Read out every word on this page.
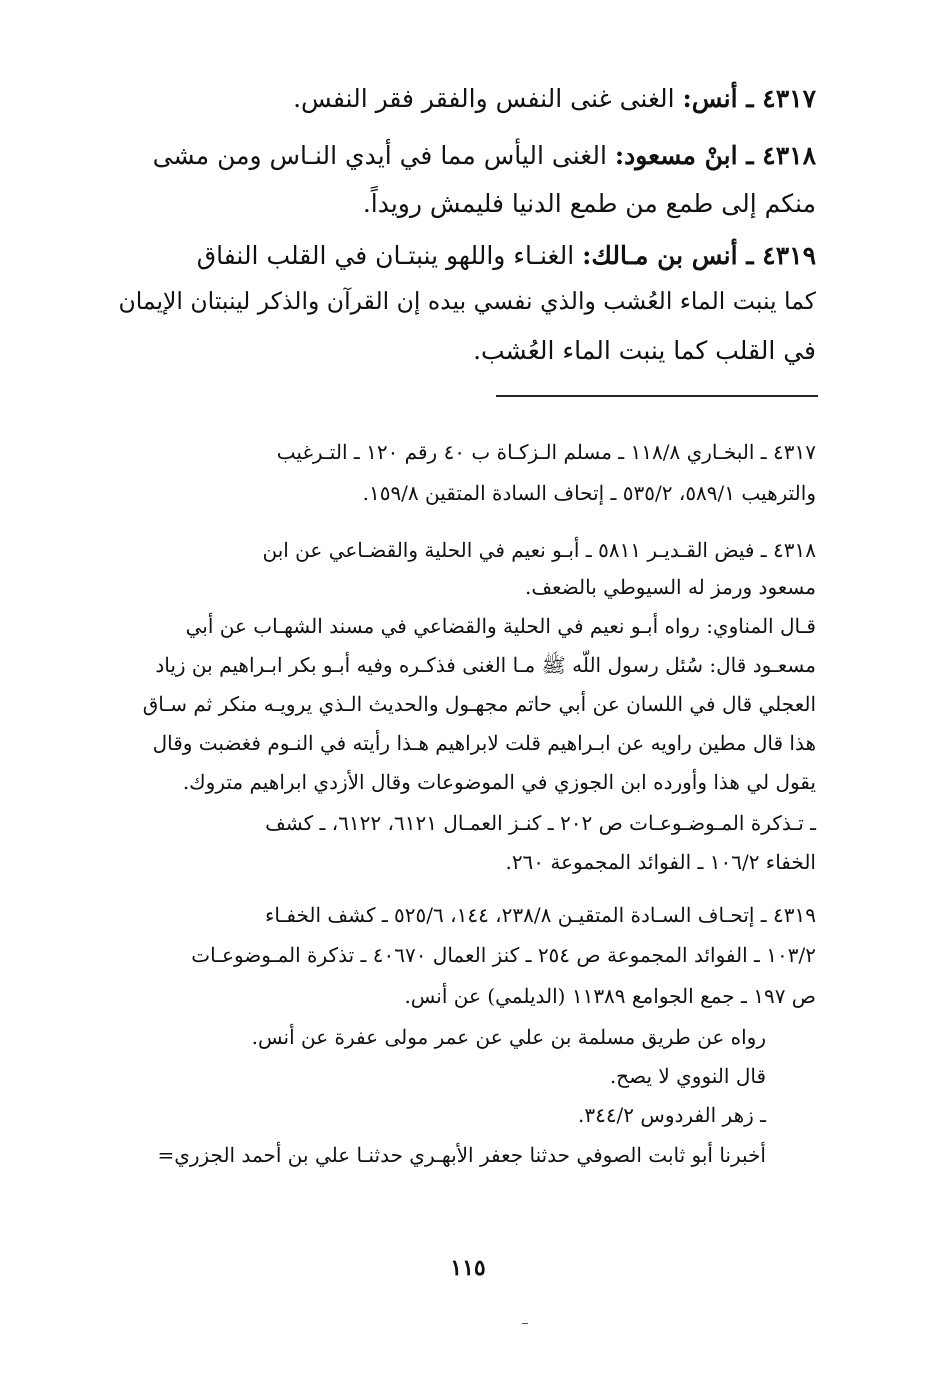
٤٣١٧ ـ أنس: الغنى غنى النفس والفقر فقر النفس.

٤٣١٨ ـ ابنْ مسعود: الغنى اليأس مما في أيدي النـاس ومن مشى

منكم إلى طمع من طمع الدنيا فليمش رويداً.

٤٣١٩ ـ أنس بن مـالك: الغنـاء واللهو ينبتـان في القلب النفاق

كما ينبت الماء العُشب والذي نفسي بيده إن القرآن والذكر لينبتان الإيمان

في القلب كما ينبت الماء العُشب.

٤٣١٧ ـ البخـاري ١١٨/٨ ـ مسلم الـزكـاة ب ٤٠ رقم ١٢٠ ـ التـرغيب

والترهيب ٥٨٩/١، ٥٣٥/٢ ـ إتحاف السادة المتقين ١٥٩/٨.

٤٣١٨ ـ فيض القـديـر ٥٨١١ ـ أبـو نعيم في الحلية والقضـاعي عن ابن

مسعود ورمز له السيوطي بالضعف.

قـال المناوي: رواه أبـو نعيم في الحلية والقضاعي في مسند الشهـاب عن أبي

مسعـود قال: سُئل رسول اللّه ﷺ مـا الغنى فذكـره وفيه أبـو بكر ابـراهيم بن زياد

العجلي قال في اللسان عن أبي حاتم مجهـول والحديث الـذي يرويـه منكر ثم سـاق

هذا قال مطين راويه عن ابـراهيم قلت لابراهيم هـذا رأيته في النـوم فغضبت وقال

يقول لي هذا وأورده ابن الجوزي في الموضوعات وقال الأزدي ابراهيم متروك.

ـ تـذكرة المـوضـوعـات ص ٢٠٢ ـ كنـز العمـال ٦١٢١، ٦١٢٢، ـ كشف

الخفاء ١٠٦/٢ ـ الفوائد المجموعة ٢٦٠.

٤٣١٩ ـ إتحـاف السـادة المتقيـن ٢٣٨/٨، ١٤٤، ٥٢٥/٦ ـ كشف الخفـاء

١٠٣/٢ ـ الفوائد المجموعة ص ٢٥٤ ـ كنز العمال ٤٠٦٧٠ ـ تذكرة المـوضوعـات

ص ١٩٧ ـ جمع الجوامع ١١٣٨٩ (الديلمي) عن أنس.

رواه عن طريق مسلمة بن علي عن عمر مولى عفرة عن أنس.

قال النووي لا يصح.

ـ زهر الفردوس ٣٤٤/٢.

أخبرنا أبو ثابت الصوفي حدثنا جعفر الأبهـري حدثنـا علي بن أحمد الجزري=

١١٥
